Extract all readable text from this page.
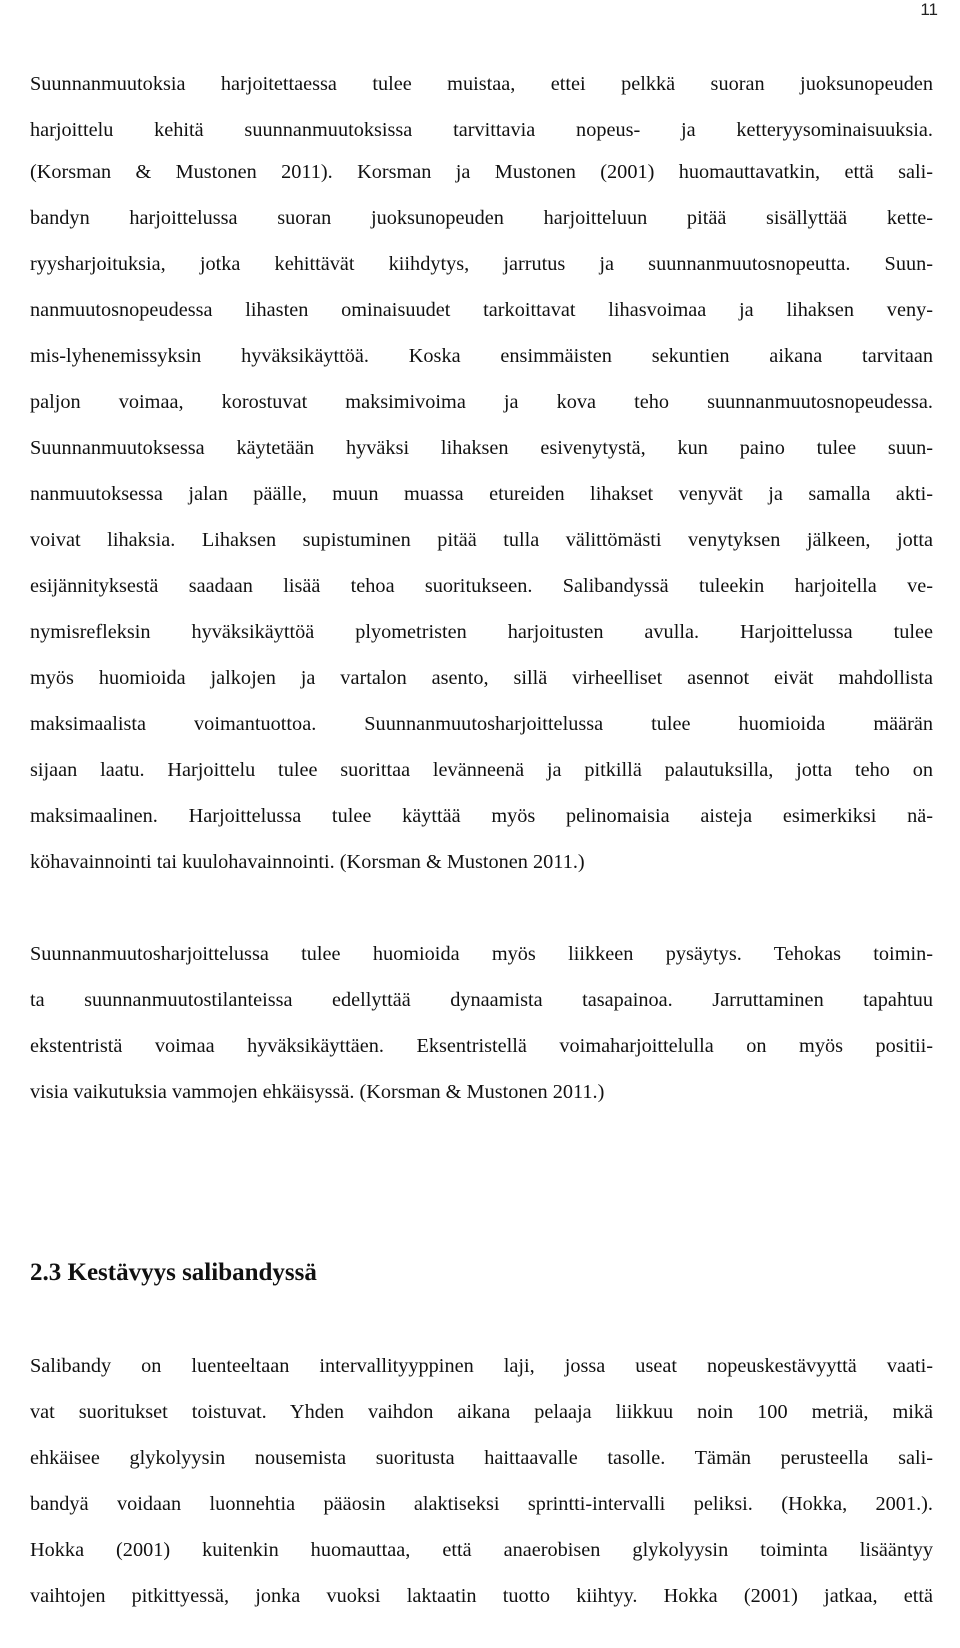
11
Suunnanmuutoksia harjoitettaessa tulee muistaa, ettei pelkkä suoran juoksunopeuden
harjoittelu kehitä suunnanmuutoksissa tarvittavia nopeus- ja ketteryysominaisuuksia.
(Korsman & Mustonen 2011). Korsman ja Mustonen (2001) huomauttavatkin, että sali-
bandyn harjoittelussa suoran juoksunopeuden harjoitteluun pitää sisällyttää kette-
ryysharjoituksia, jotka kehittävät kiihdytys, jarrutus ja suunnanmuutosnopeutta. Suun-
nanmuutosnopeudessa lihasten ominaisuudet tarkoittavat lihasvoimaa ja lihaksen veny-
mis-lyhenemissyksin hyväksikäyttöä. Koska ensimmäisten sekuntien aikana tarvitaan
paljon voimaa, korostuvat maksimivoima ja kova teho suunnanmuutosnopeudessa.
Suunnanmuutoksessa käytetään hyväksi lihaksen esivenytystä, kun paino tulee suun-
nanmuutoksessa jalan päälle, muun muassa etureiden lihakset venyvät ja samalla akti-
voivat lihaksia. Lihaksen supistuminen pitää tulla välittömästi venytyksen jälkeen, jotta
esijännityksestä saadaan lisää tehoa suoritukseen. Salibandyssä tuleekin harjoitella ve-
nymisrefleksin hyväksikäyttöä plyometristen harjoitusten avulla. Harjoittelussa tulee
myös huomioida jalkojen ja vartalon asento, sillä virheelliset asennot eivät mahdollista
maksimaalista voimantuottoa. Suunnanmuutosharjoittelussa tulee huomioida määrän
sijaan laatu. Harjoittelu tulee suorittaa levänneenä ja pitkillä palautuksilla, jotta teho on
maksimaalinen. Harjoittelussa tulee käyttää myös pelinomaisia aisteja esimerkiksi nä-
köhavainnointi tai kuulohavainnointi. (Korsman & Mustonen 2011.)
Suunnanmuutosharjoittelussa tulee huomioida myös liikkeen pysäytys. Tehokas toimin-
ta suunnanmuutostilanteissa edellyttää dynaamista tasapainoa. Jarruttaminen tapahtuu
ekstentristä voimaa hyväksikäyttäen. Eksentristellä voimaharjoittelulla on myös positii-
visia vaikutuksia vammojen ehkäisyssä. (Korsman & Mustonen 2011.)
2.3 Kestävyys salibandyssä
Salibandy on luenteeltaan intervallityyppinen laji, jossa useat nopeuskestävyyttä vaati-
vat suoritukset toistuvat. Yhden vaihdon aikana pelaaja liikkuu noin 100 metriä, mikä
ehkäisee glykolyysin nousemista suoritusta haittaavalle tasolle. Tämän perusteella sali-
bandyä voidaan luonnehtia pääosin alaktiseksi sprintti-intervalli peliksi. (Hokka, 2001.).
Hokka (2001) kuitenkin huomauttaa, että anaerobisen glykolyysin toiminta lisääntyy
vaihtojen pitkittyessä, jonka vuoksi laktaatin tuotto kiihtyy. Hokka (2001) jatkaa, että
